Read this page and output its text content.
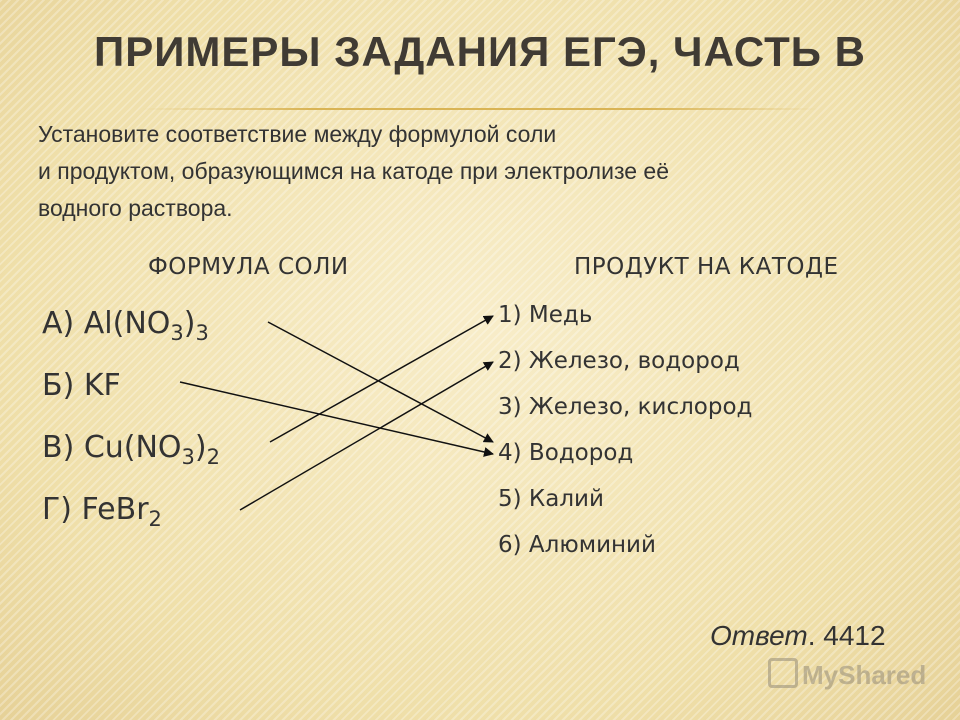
ПРИМЕРЫ ЗАДАНИЯ ЕГЭ, ЧАСТЬ В
Установите соответствие между формулой соли
и продуктом, образующимся на катоде при электролизе её
водного раствора.
ФОРМУЛА СОЛИ	ПРОДУКТ НА КАТОДЕ
А) $Al(NO_3)_3$
Б) KF
В) $Cu(NO_3)_2$
Г) FeBr$_2$
1) Медь
2) Железо, водород
3) Железо, кислород
4) Водород
5) Калий
6) Алюминий
Ответ. 4412
MyShared
